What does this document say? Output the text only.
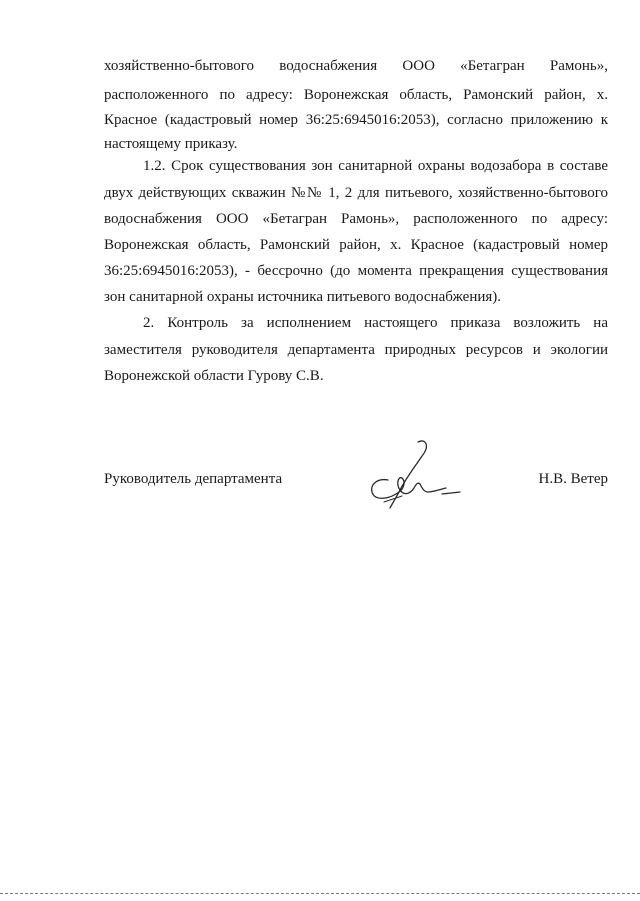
хозяйственно-бытового водоснабжения ООО «Бетагран Рамонь»,
расположенного по адресу: Воронежская область, Рамонский район, х.
Красное (кадастровый номер 36:25:6945016:2053), согласно приложению к
настоящему приказу.
1.2. Срок существования зон санитарной охраны водозабора в составе
двух действующих скважин №№ 1, 2 для питьевого, хозяйственно-бытового
водоснабжения ООО «Бетагран Рамонь», расположенного по адресу:
Воронежская область, Рамонский район, х. Красное (кадастровый номер
36:25:6945016:2053), - бессрочно (до момента прекращения существования
зон санитарной охраны источника питьевого водоснабжения).
2. Контроль за исполнением настоящего приказа возложить на
заместителя руководителя департамента природных ресурсов и экологии
Воронежской области Гурову С.В.
Руководитель департамента	Н.В. Ветер
